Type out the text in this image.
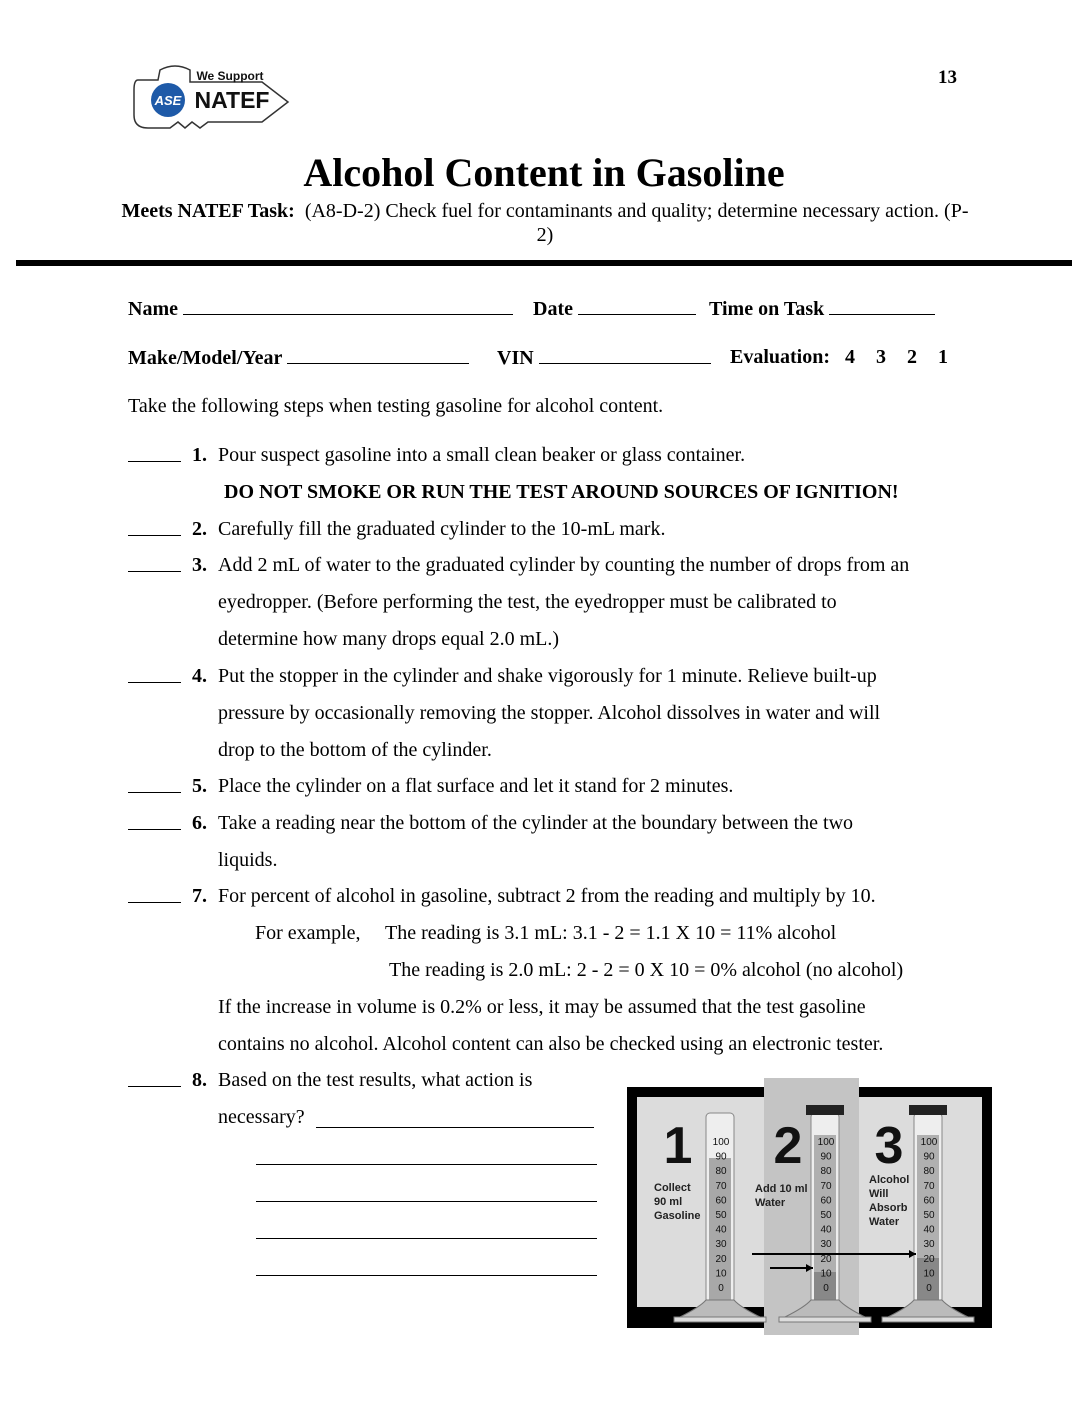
13
ASE
We Support
NATEF
Alcohol Content in Gasoline
Meets NATEF Task: (A8-D-2) Check fuel for contaminants and quality; determine necessary action. (P-2)
Name	Date	Time on Task
Make/Model/Year	VIN	Evaluation: 4 3 2 1
Take the following steps when testing gasoline for alcohol content.
1. Pour suspect gasoline into a small clean beaker or glass container.
2. Carefully fill the graduated cylinder to the 10-mL mark.
3. Add 2 mL of water to the graduated cylinder by counting the number of drops from an
eyedropper. (Before performing the test, the eyedropper must be calibrated to
determine how many drops equal 2.0 mL.)
4. Put the stopper in the cylinder and shake vigorously for 1 minute. Relieve built-up
pressure by occasionally removing the stopper. Alcohol dissolves in water and will
drop to the bottom of the cylinder.
5. Place the cylinder on a flat surface and let it stand for 2 minutes.
6. Take a reading near the bottom of the cylinder at the boundary between the two
liquids.
7. For percent of alcohol in gasoline, subtract 2 from the reading and multiply by 10.
8. Based on the test results, what action is
necessary?
DO NOT SMOKE OR RUN THE TEST AROUND SOURCES OF IGNITION!
For example, The reading is 3.1 mL: 3.1 - 2 = 1.1 X 10 = 11% alcohol
The reading is 2.0 mL: 2 - 2 = 0 X 10 = 0% alcohol (no alcohol)
If the increase in volume is 0.2% or less, it may be assumed that the test gasoline
contains no alcohol. Alcohol content can also be checked using an electronic tester.
1
Collect
90 ml
Gasoline
100
90
80
70
60
50
40
30
20
10
0
2
Add 10 ml
Water
100
90
80
70
60
50
40
30
20
10
0
3
Alcohol
Will
Absorb
Water
100
90
80
70
60
50
40
30
20
10
0
